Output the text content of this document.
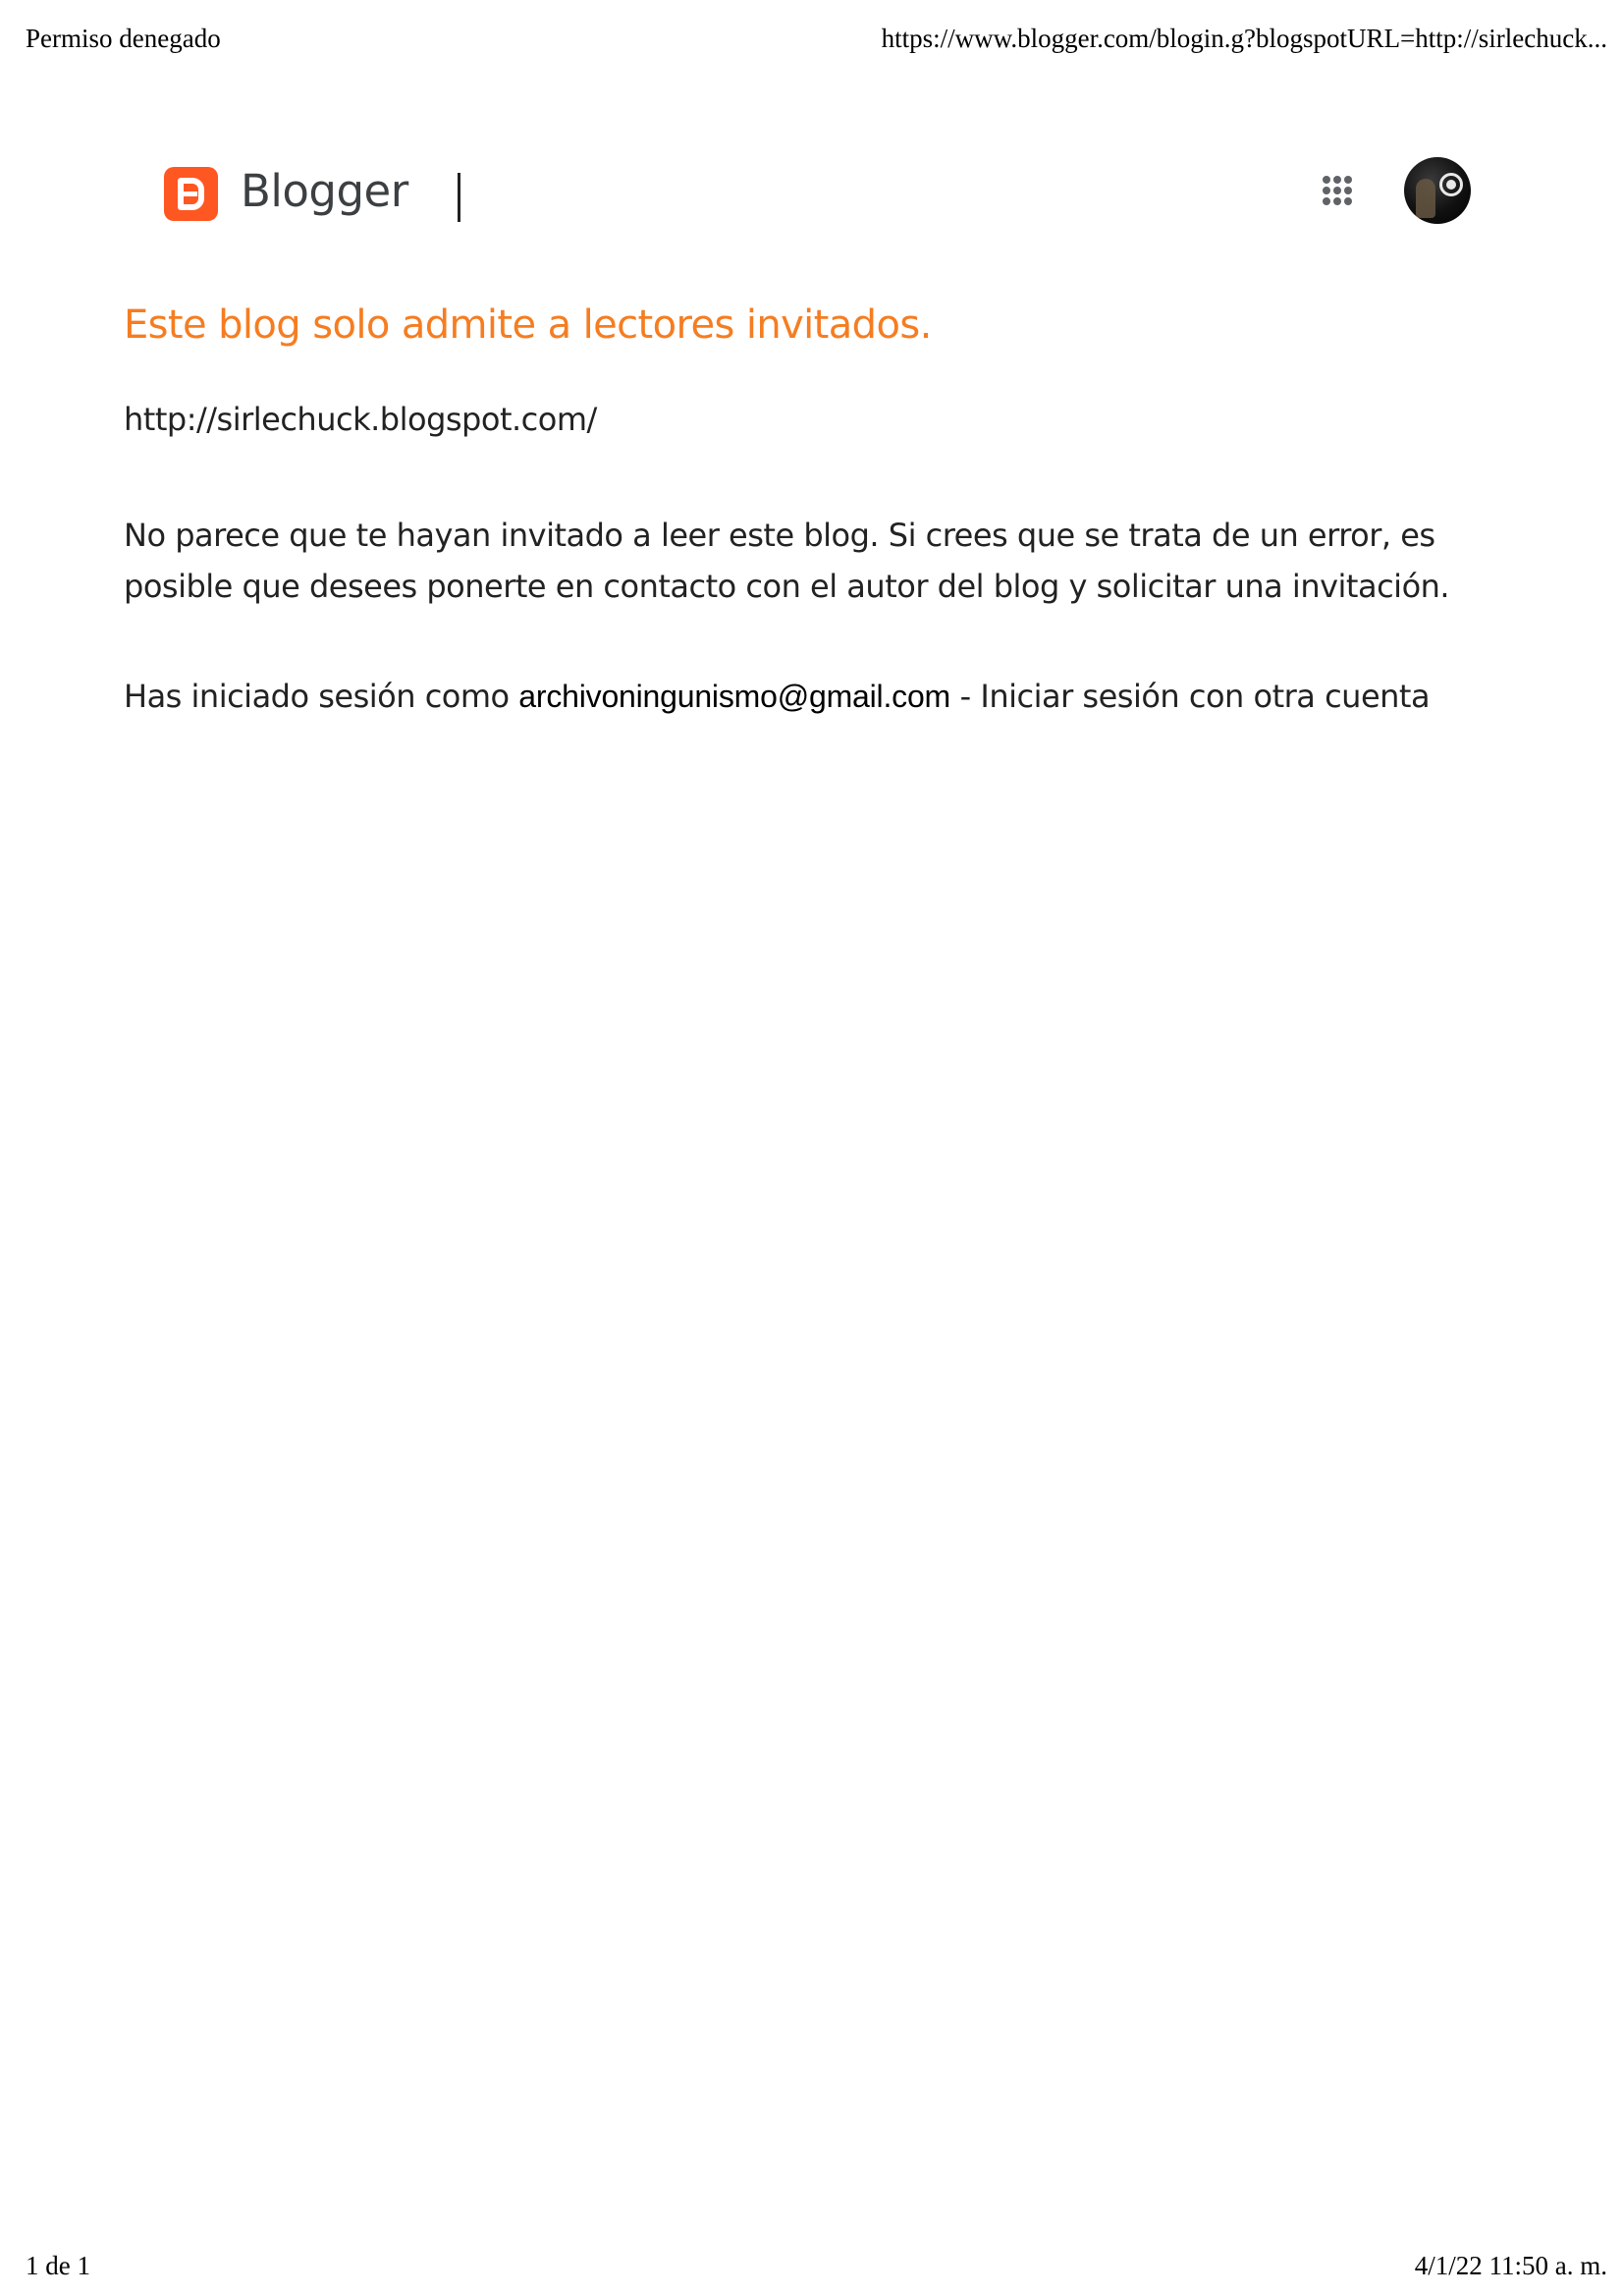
Permiso denegado	https://www.blogger.com/blogin.g?blogspotURL=http://sirlechuck...
Blogger
Este blog solo admite a lectores invitados.
http://sirlechuck.blogspot.com/
No parece que te hayan invitado a leer este blog. Si crees que se trata de un error, es posible que desees ponerte en contacto con el autor del blog y solicitar una invitación.
Has iniciado sesión como archivoningunismo@gmail.com - Iniciar sesión con otra cuenta
1 de 1	4/1/22 11:50 a. m.
